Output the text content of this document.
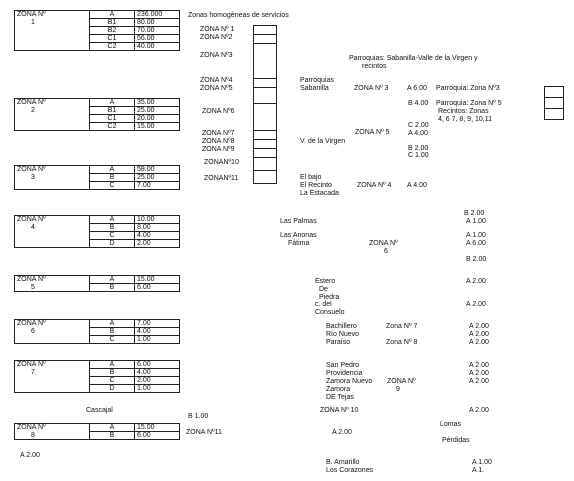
ZONA Nº	A	236.000
1	B1	80.00
	B2	70.00
	C1	56.00
	C2	40.00
ZONA Nº	A	35.00
2	B1	25.00
	C1	20.00
	C2	15.00
ZONA Nº	A	58.00
3	B	25.00
	C	7.00
ZONA Nº	A	10.00
4	B	8.00
	C	4.00
	D	2.00
ZONA Nº	A	15.00
5	B	6.00
ZONA Nº	A	7.00
6	B	4.00
	C	1.00
ZONA Nº	A	6.00
7	B	4.00
	C	2.00
	D	1.00
ZONA Nº	A	15.00
8	B	6.00

Zonas homogéneas de servicios
ZONA Nº 1
ZONA Nº2
ZONA Nº3
ZONA Nº4
ZONA Nº5
ZONA Nº6
ZONA Nº7
ZONA Nº8
ZONA Nº9
ZONANº10
ZONANº11
Parroquias: Sabanilla-Valle de la Virgen y
recintos
Parroquias
Sabanilla	ZONA Nº 3	A 6.00 Parroquia: Zona Nº3
B 4.00 Parroquia: Zona Nº 5
Recintos: Zonas
4, 6 7, 8, 9, 10,11
C 2.00
ZONA Nº 5	A 4.00
V. de la Virgen
B 2.00
C 1.00
El bajo
El Recinto	ZONA Nº 4 A 4.00
La Estacada
B 2.00
Las Palmas	A 1.00
Las Anonas	A 1.00
Fátima	ZONA Nº
6
A 6.00
B 2.00
Estero	A 2.00
De
Piedra
c. del	A 2.00
Consuelo
Bachillero	Zona Nº 7	A 2.00
Río Nuevo	A 2.00
Paraíso	Zona Nº 8	A 2.00
San Pedro	A 2.00
Providencia	A 2.00
Zamora Nuevo ZONA Nº	A 2.00
Zamora	9
DE Tejas
Cascajal	ZONA Nº 10	A 2.00
B 1.00
ZONA Nº11	A 2.00
Lomas
Pérdidas
A 2.00
B. Amarillo	A 1.00
Los Corazones	A 1.
